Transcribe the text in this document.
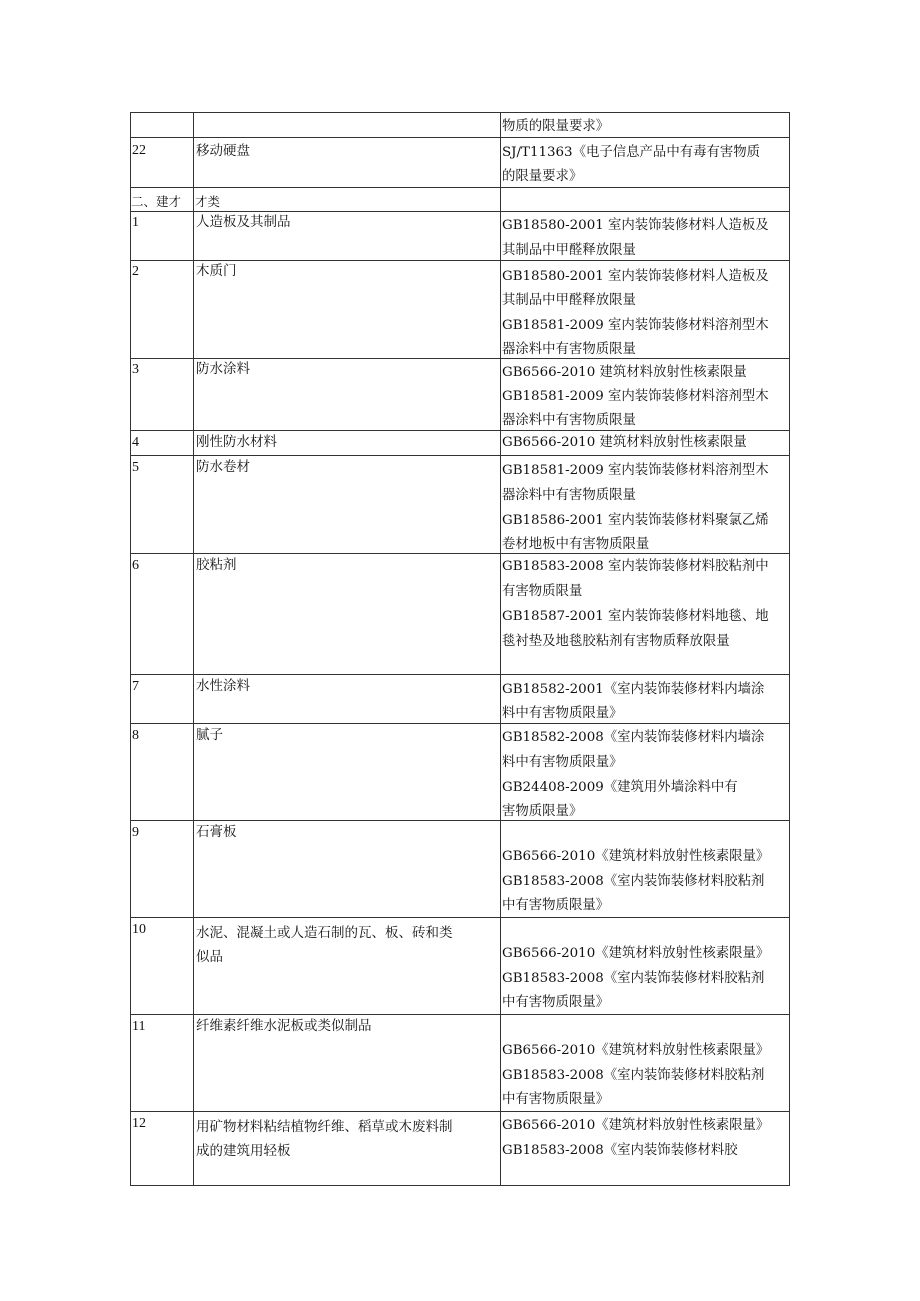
物质的限量要求》
22	移动硬盘	SJ/T11363《电子信息产品中有毒有害物质
的限量要求》
二、建才 才类
1	人造板及其制品	GB18580-2001 室内装饰装修材料人造板及
其制品中甲醛释放限量
2	木质门	GB18580-2001 室内装饰装修材料人造板及
其制品中甲醛释放限量
GB18581-2009 室内装饰装修材料溶剂型木
器涂料中有害物质限量
3	防水涂料	GB6566-2010 建筑材料放射性核素限量
GB18581-2009 室内装饰装修材料溶剂型木
器涂料中有害物质限量
4	刚性防水材料	GB6566-2010 建筑材料放射性核素限量
5	防水卷材	GB18581-2009 室内装饰装修材料溶剂型木
器涂料中有害物质限量
GB18586-2001 室内装饰装修材料聚氯乙烯
卷材地板中有害物质限量
6	胶粘剂	GB18583-2008 室内装饰装修材料胶粘剂中
有害物质限量
GB18587-2001 室内装饰装修材料地毯、地
毯衬垫及地毯胶粘剂有害物质释放限量
7	水性涂料	GB18582-2001《室内装饰装修材料内墙涂
料中有害物质限量》
8	腻子	GB18582-2008《室内装饰装修材料内墙涂
料中有害物质限量》
GB24408-2009《建筑用外墙涂料中有
害物质限量》
9	石膏板
GB6566-2010《建筑材料放射性核素限量》
GB18583-2008《室内装饰装修材料胶粘剂
中有害物质限量》
10	水泥、混凝土或人造石制的瓦、板、砖和类
似品	GB6566-2010《建筑材料放射性核素限量》
GB18583-2008《室内装饰装修材料胶粘剂
中有害物质限量》
11	纤维素纤维水泥板或类似制品
GB6566-2010《建筑材料放射性核素限量》
GB18583-2008《室内装饰装修材料胶粘剂
中有害物质限量》
12	用矿物材料粘结植物纤维、稻草或木废料制
成的建筑用轻板
GB6566-2010《建筑材料放射性核素限量》
GB18583-2008《室内装饰装修材料胶
